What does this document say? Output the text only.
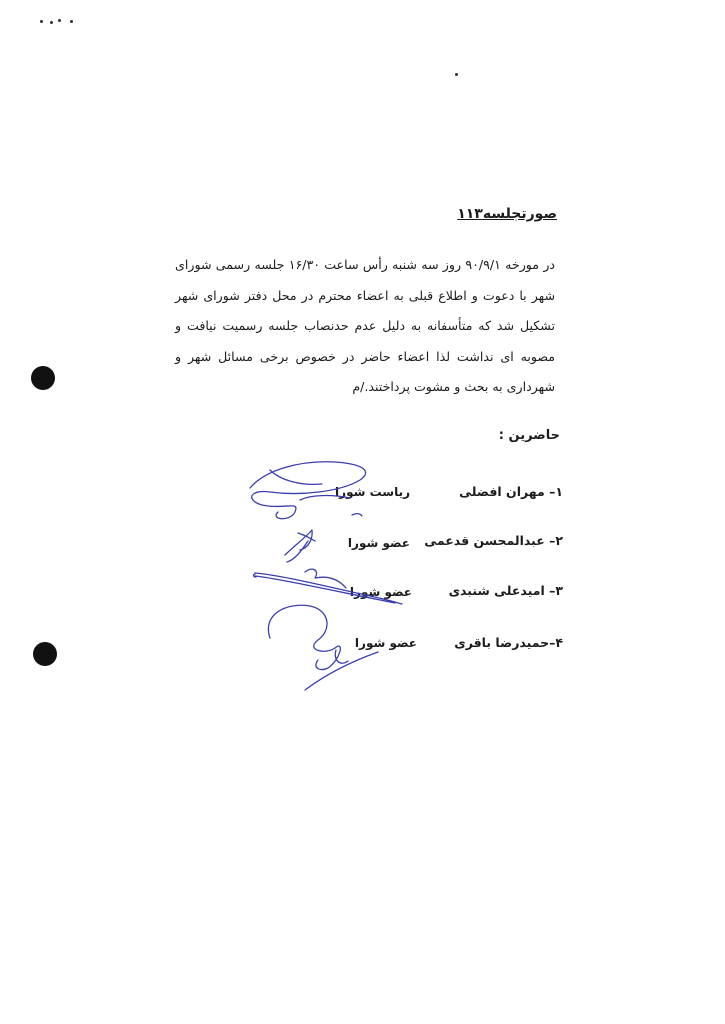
صورتجلسه۱۱۳

در مورخه ۹۰/۹/۱ روز سه شنبه رأس ساعت ۱۶/۳۰ جلسه رسمی شورای شهر با دعوت و اطلاع قبلی به اعضاء محترم در محل دفتر شورای شهر تشکیل شد که متأسفانه به دلیل عدم حدنصاب جلسه رسمیت نیافت و مصوبه ای نداشت لذا اعضاء حاضر در خصوص برخی مسائل شهر و شهرداری به بحث و مشوت پرداختند./م

حاضرین :
۱– مهران افضلی
ریاست شورا
۲– عبدالمحسن قدعمی
عضو شورا
۳– امیدعلی شنبدی
عضو شورا
۴–حمیدرضا باقری
عضو شورا
